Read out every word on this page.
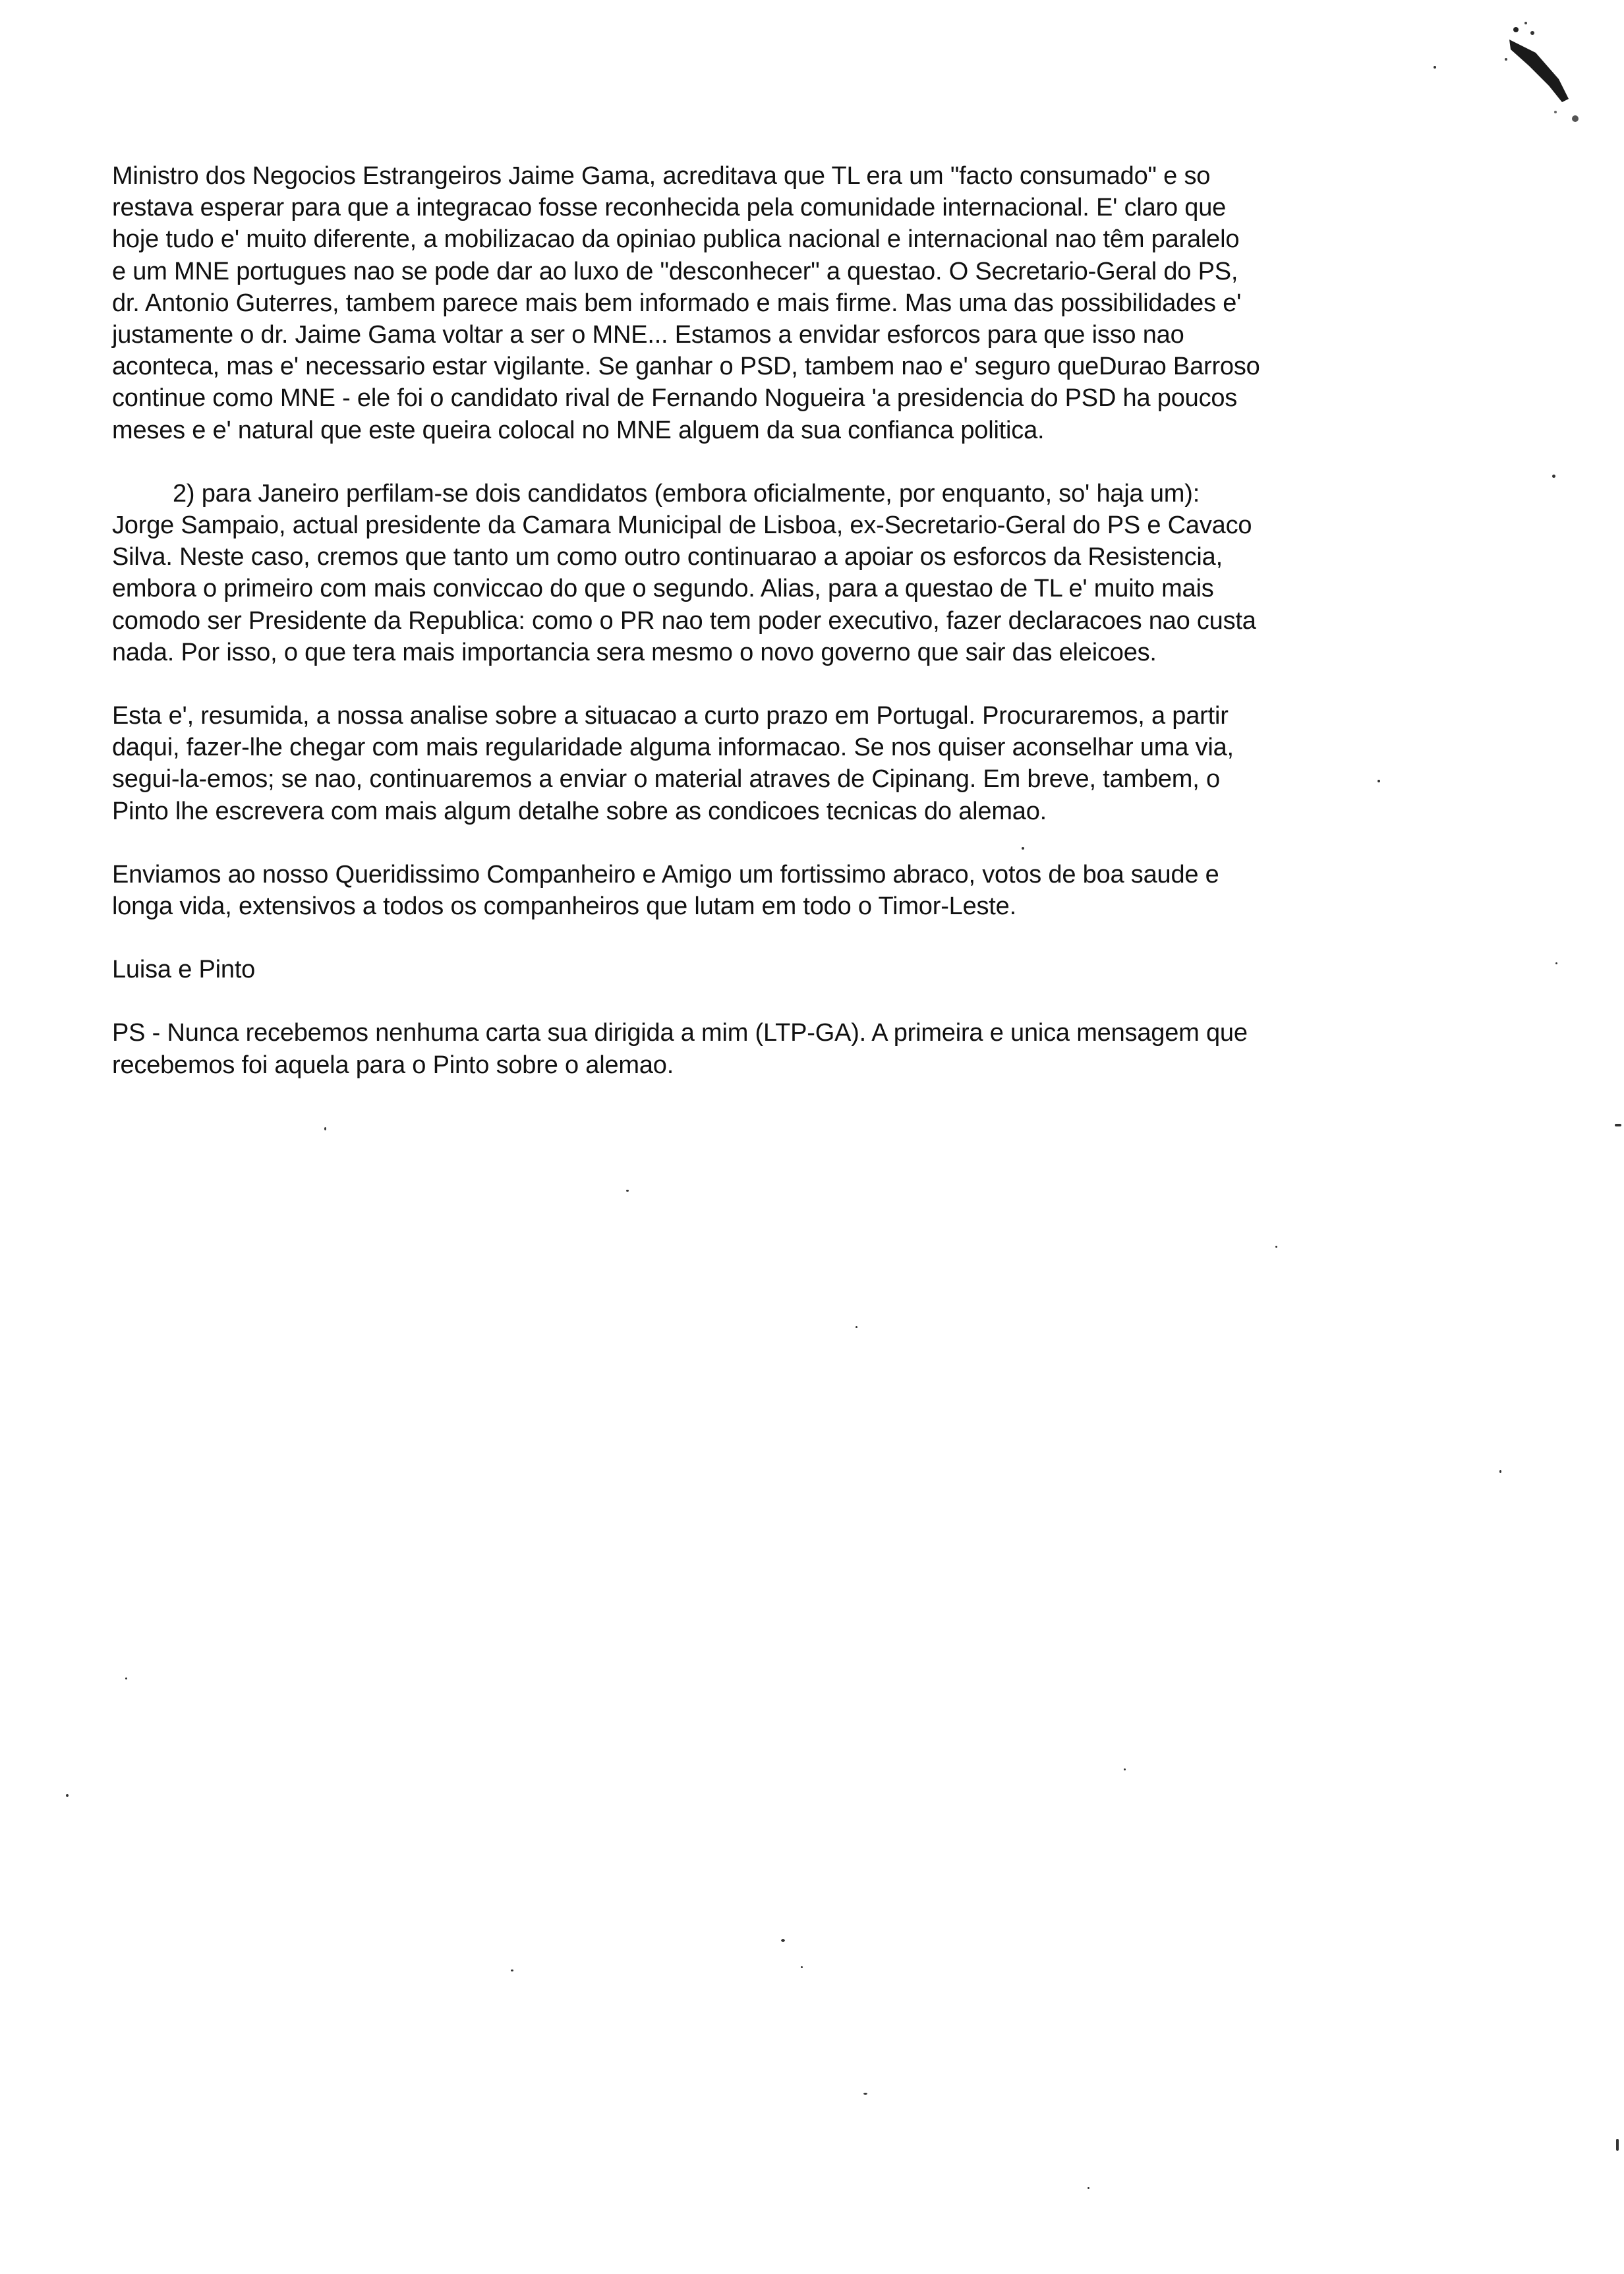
Ministro dos Negocios Estrangeiros Jaime Gama, acreditava que TL era um "facto consumado" e so
restava esperar para que a integracao fosse reconhecida pela comunidade internacional. E' claro que
hoje tudo e' muito diferente, a mobilizacao da opiniao publica nacional e internacional nao têm paralelo
e um MNE portugues nao se pode dar ao luxo de "desconhecer" a questao. O Secretario-Geral do PS,
dr. Antonio Guterres, tambem parece mais bem informado e mais firme. Mas uma das possibilidades e'
justamente o dr. Jaime Gama voltar a ser o MNE... Estamos a envidar esforcos para que isso nao
aconteca, mas e' necessario estar vigilante. Se ganhar o PSD, tambem nao e' seguro queDurao Barroso
continue como MNE - ele foi o candidato rival de Fernando Nogueira 'a presidencia do PSD ha poucos
meses e e' natural que este queira colocal no MNE alguem da sua confianca politica.

2) para Janeiro perfilam-se dois candidatos (embora oficialmente, por enquanto, so' haja um):
Jorge Sampaio, actual presidente da Camara Municipal de Lisboa, ex-Secretario-Geral do PS e Cavaco
Silva. Neste caso, cremos que tanto um como outro continuarao a apoiar os esforcos da Resistencia,
embora o primeiro com mais conviccao do que o segundo. Alias, para a questao de TL e' muito mais
comodo ser Presidente da Republica: como o PR nao tem poder executivo, fazer declaracoes nao custa
nada. Por isso, o que tera mais importancia sera mesmo o novo governo que sair das eleicoes.

Esta e', resumida, a nossa analise sobre a situacao a curto prazo em Portugal. Procuraremos, a partir
daqui, fazer-lhe chegar com mais regularidade alguma informacao. Se nos quiser aconselhar uma via,
segui-la-emos; se nao, continuaremos a enviar o material atraves de Cipinang. Em breve, tambem, o
Pinto lhe escrevera com mais algum detalhe sobre as condicoes tecnicas do alemao.

Enviamos ao nosso Queridissimo Companheiro e Amigo um fortissimo abraco, votos de boa saude e
longa vida, extensivos a todos os companheiros que lutam em todo o Timor-Leste.

Luisa e Pinto

PS - Nunca recebemos nenhuma carta sua dirigida a mim (LTP-GA). A primeira e unica mensagem que
recebemos foi aquela para o Pinto sobre o alemao.
